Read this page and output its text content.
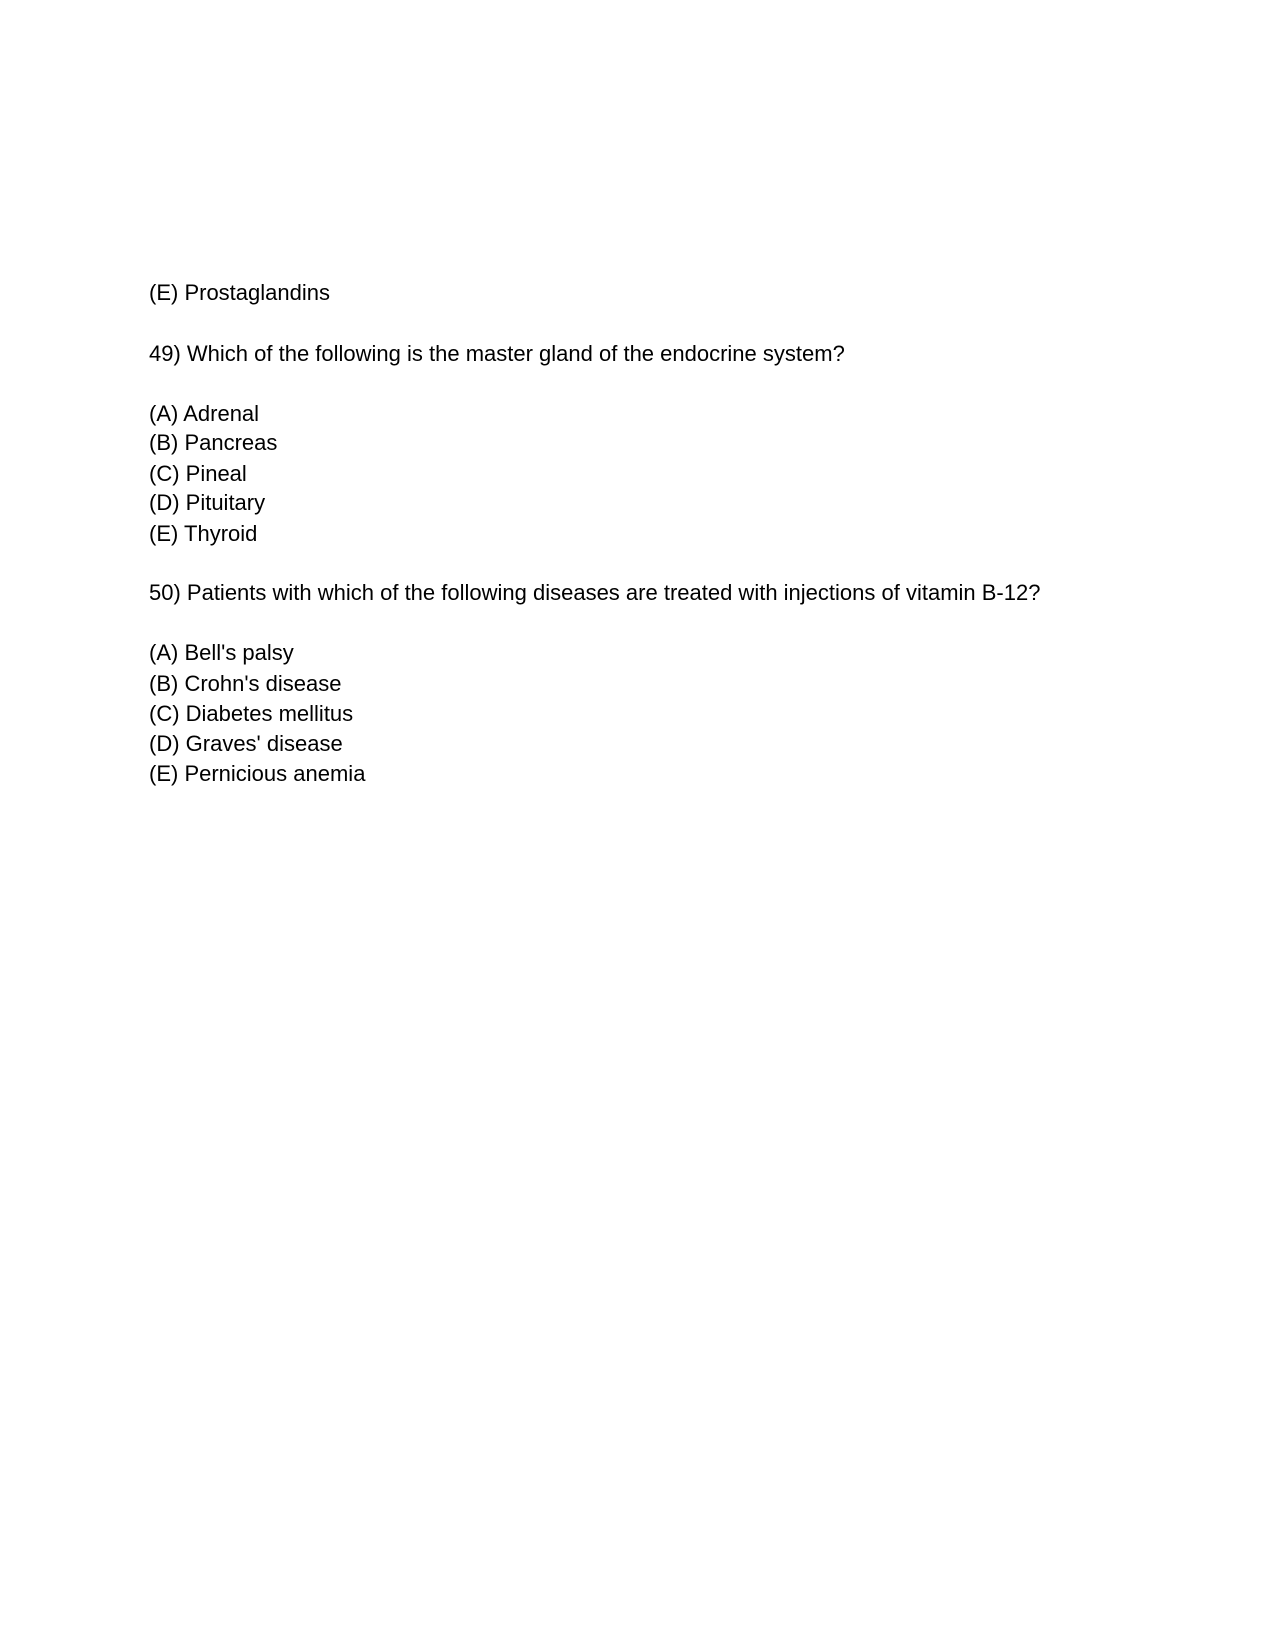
(E) Prostaglandins
49) Which of the following is the master gland of the endocrine system?
(A) Adrenal
(B) Pancreas
(C) Pineal
(D) Pituitary
(E) Thyroid
50) Patients with which of the following diseases are treated with injections of vitamin B-12?
(A) Bell's palsy
(B) Crohn's disease
(C) Diabetes mellitus
(D) Graves' disease
(E) Pernicious anemia
